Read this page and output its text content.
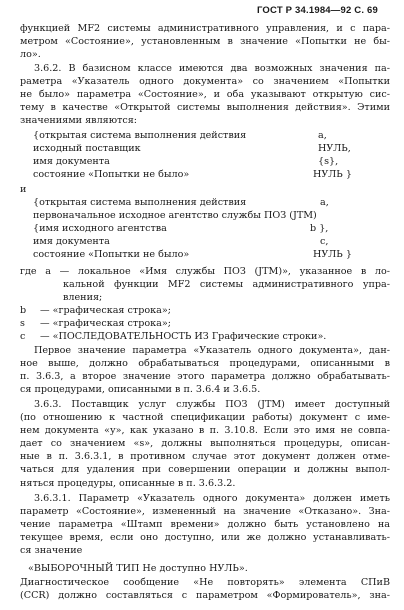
ГОСТ Р 34.1984—92 С. 69
функцией MF2 системы административного управления, и с пара-
метром «Состояние», установленным в значение «Попытки не бы-
ло».
3.6.2. В базисном классе имеются два возможных значения па-
раметра «Указатель одного документа» со значением «Попытки
не было» параметра «Состояние», и оба указывают открытую сис-
тему в качестве «Открытой системы выполнения действия». Этими
значениями являются:
{открытая система выполнения действия	a,
исходный поставщик	НУЛЬ,
имя документа	{s},
состояние «Попытки не было»	НУЛЬ }
и
{открытая система выполнения действия	a,
первоначальное исходное агентство службы ПОЗ (JTM)
{имя исходного агентства	b },
имя документа	c,
состояние «Попытки не было»	НУЛЬ }
где а — локальное «Имя службы ПОЗ (JTM)», указанное в ло-
кальной функции MF2 системы административного упра-
вления;
b	— «графическая строка»;
s	— «графическая строка»;
c	— «ПОСЛЕДОВАТЕЛЬНОСТЬ ИЗ Графические строки».
Первое значение параметра «Указатель одного документа», дан-
ное выше, должно обрабатываться процедурами, описанными в
п. 3.6.3, а второе значение этого параметра должно обрабатывать-
ся процедурами, описанными в п. 3.6.4 и 3.6.5.
3.6.3. Поставщик услуг службы ПОЗ (JTM) имеет доступный
(по отношению к частной спецификации работы) документ с име-
нем документа «у», как указано в п. 3.10.8. Если это имя не совпа-
дает со значением «s», должны выполняться процедуры, описан-
ные в п. 3.6.3.1, в противном случае этот документ должен отме-
чаться для удаления при совершении операции и должны выпол-
няться процедуры, описанные в п. 3.6.3.2.
3.6.3.1. Параметр «Указатель одного документа» должен иметь
параметр «Состояние», измененный на значение «Отказано». Зна-
чение параметра «Штамп времени» должно быть установлено на
текущее время, если оно доступно, или же должно устанавливать-
ся значение
«ВЫБОРОЧНЫЙ ТИП Не доступно НУЛЬ».
Диагностическое сообщение «Не повторять» элемента СПиВ
(CCR) должно составляться с параметром «Формирователь», зна-
